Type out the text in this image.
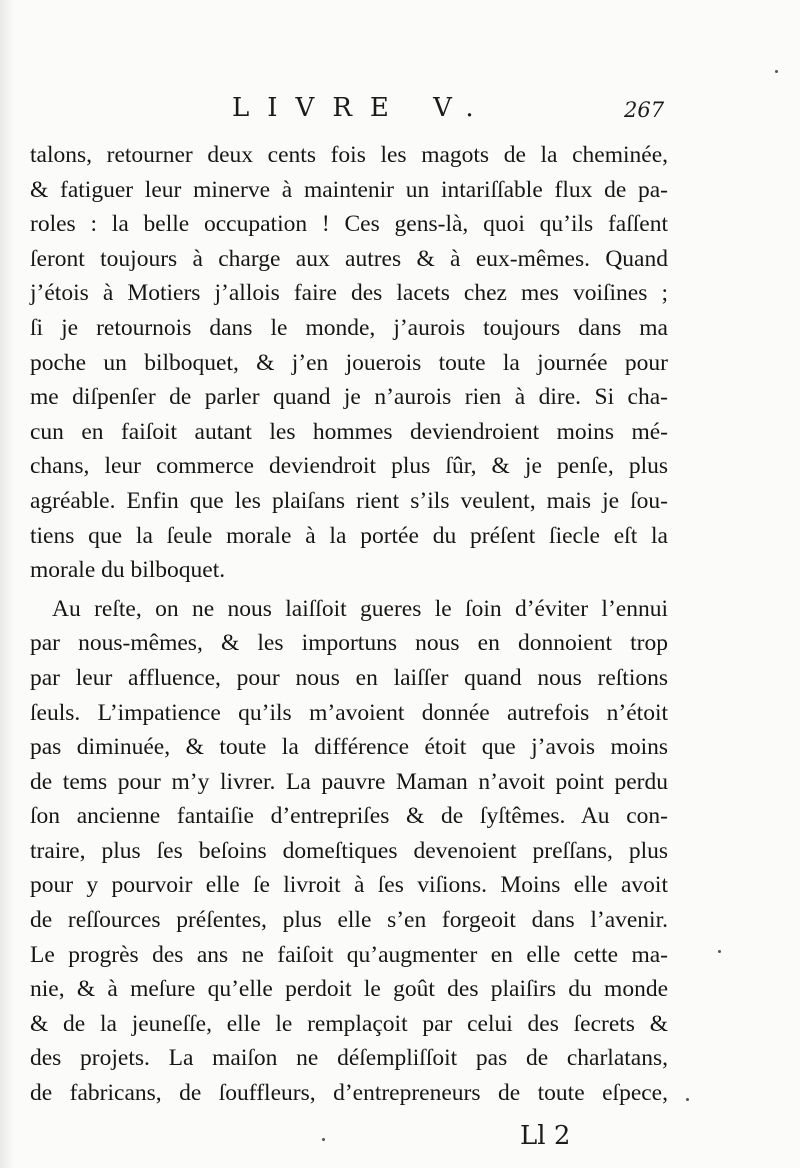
LIVRE V.	267
talons, retourner deux cents fois les magots de la cheminée,
& fatiguer leur minerve à maintenir un intariſſable flux de pa-
roles : la belle occupation ! Ces gens-là, quoi qu’ils faſſent
ſeront toujours à charge aux autres & à eux-mêmes. Quand
j’étois à Motiers j’allois faire des lacets chez mes voiſines ;
ſi je retournois dans le monde, j’aurois toujours dans ma
poche un bilboquet, & j’en jouerois toute la journée pour
me diſpenſer de parler quand je n’aurois rien à dire. Si cha-
cun en faiſoit autant les hommes deviendroient moins mé-
chans, leur commerce deviendroit plus ſûr, & je penſe, plus
agréable. Enfin que les plaiſans rient s’ils veulent, mais je ſou-
tiens que la ſeule morale à la portée du préſent ſiecle eſt la
morale du bilboquet.
Au reſte, on ne nous laiſſoit gueres le ſoin d’éviter l’ennui
par nous-mêmes, & les importuns nous en donnoient trop
par leur affluence, pour nous en laiſſer quand nous reſtions
ſeuls. L’impatience qu’ils m’avoient donnée autrefois n’étoit
pas diminuée, & toute la différence étoit que j’avois moins
de tems pour m’y livrer. La pauvre Maman n’avoit point perdu
ſon ancienne fantaiſie d’entrepriſes & de ſyſtêmes. Au con-
traire, plus ſes beſoins domeſtiques devenoient preſſans, plus
pour y pourvoir elle ſe livroit à ſes viſions. Moins elle avoit
de reſſources préſentes, plus elle s’en forgeoit dans l’avenir.
Le progrès des ans ne faiſoit qu’augmenter en elle cette ma-
nie, & à meſure qu’elle perdoit le goût des plaiſirs du monde
& de la jeuneſſe, elle le remplaçoit par celui des ſecrets &
des projets. La maiſon ne déſempliſſoit pas de charlatans,
de fabricans, de ſouffleurs, d’entrepreneurs de toute eſpece,
Ll 2
